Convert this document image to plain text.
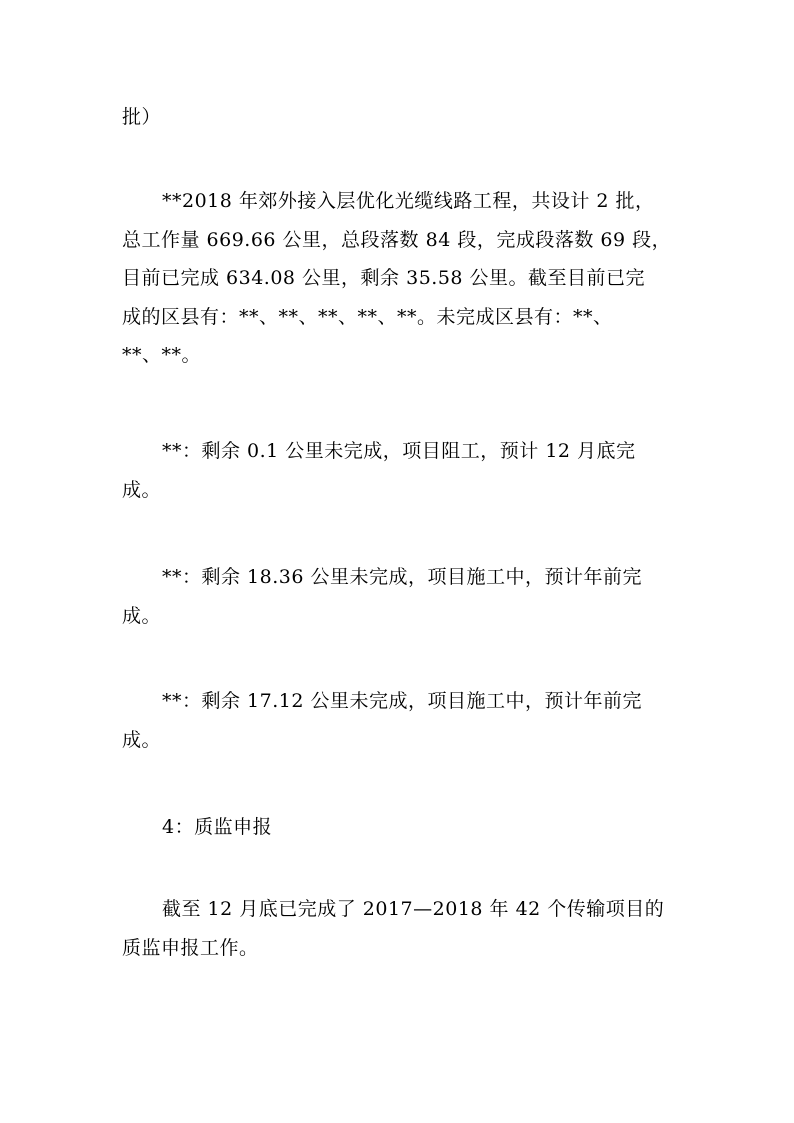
批）
**2018 年郊外接入层优化光缆线路工程，共设计 2 批，
总工作量 669.66 公里，总段落数 84 段，完成段落数 69 段，
目前已完成 634.08 公里，剩余 35.58 公里。截至目前已完
成的区县有：**、**、**、**、**。未完成区县有：**、
**、**。
**：剩余 0.1 公里未完成，项目阻工，预计 12 月底完
成。
**：剩余 18.36 公里未完成，项目施工中，预计年前完
成。
**：剩余 17.12 公里未完成，项目施工中，预计年前完
成。
4：质监申报
截至 12 月底已完成了 2017—2018 年 42 个传输项目的
质监申报工作。
